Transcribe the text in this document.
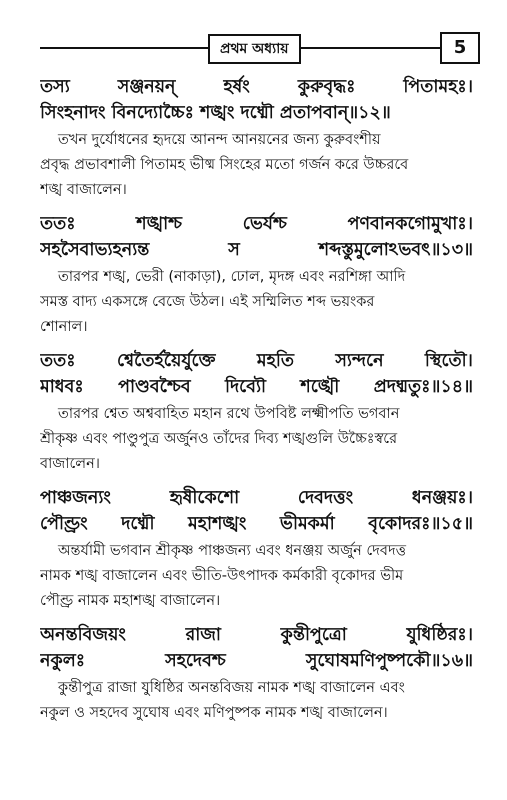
প্রথম অধ্যায়	5

তস্য	সঞ্জনয়ন্	হর্ষং	কুরুবৃদ্ধঃ	পিতামহঃ।

সিংহনাদং বিনদ্যোচ্চৈঃ শঙ্খং দধ্মৌ প্রতাপবান্॥১২॥

তখন দুর্যোধনের হৃদয়ে আনন্দ আনয়নের জন্য কুরুবংশীয়
প্রবৃদ্ধ প্রভাবশালী পিতামহ ভীষ্ম সিংহের মতো গর্জন করে উচ্চরবে
শঙ্খ বাজালেন।

ততঃ	শঙ্খাশ্চ	ভের্যশ্চ	পণবানকগোমুখাঃ।

সহসৈবাভ্যহন্যন্ত	স	শব্দস্তুমুলোঽভবৎ॥১৩॥

তারপর শঙ্খ, ভেরী (নাকাড়া), ঢোল, মৃদঙ্গ এবং নরশিঙ্গা আদি
সমস্ত বাদ্য একসঙ্গে বেজে উঠল। এই সম্মিলিত শব্দ ভয়ংকর
শোনাল।

ততঃ শ্বেতৈর্হয়ৈর্যুক্তে মহতি স্যন্দনে স্থিতৌ।

মাধবঃ পাণ্ডবশ্চৈব দিব্যৌ শঙ্খৌ প্রদধ্মতুঃ॥১৪॥

তারপর শ্বেত অশ্ববাহিত মহান রথে উপবিষ্ট লক্ষ্মীপতি ভগবান
শ্রীকৃষ্ণ এবং পাণ্ডুপুত্র অর্জুনও তাঁদের দিব্য শঙ্খগুলি উচ্চৈঃস্বরে
বাজালেন।

পাঞ্চজন্যং	হৃষীকেশো	দেবদত্তং	ধনঞ্জয়ঃ।

পৌণ্ড্রং দধ্মৌ মহাশঙ্খং ভীমকর্মা বৃকোদরঃ॥১৫॥

অন্তর্যামী ভগবান শ্রীকৃষ্ণ পাঞ্চজন্য এবং ধনঞ্জয় অর্জুন দেবদত্ত
নামক শঙ্খ বাজালেন এবং ভীতি-উৎপাদক কর্মকারী বৃকোদর ভীম
পৌণ্ড্র নামক মহাশঙ্খ বাজালেন।

অনন্তবিজয়ং	রাজা	কুন্তীপুত্রো	যুধিষ্ঠিরঃ।

নকুলঃ	সহদেবশ্চ	সুঘোষমণিপুষ্পকৌ॥১৬॥

কুন্তীপুত্র রাজা যুধিষ্ঠির অনন্তবিজয় নামক শঙ্খ বাজালেন এবং
নকুল ও সহদেব সুঘোষ এবং মণিপুষ্পক নামক শঙ্খ বাজালেন।
